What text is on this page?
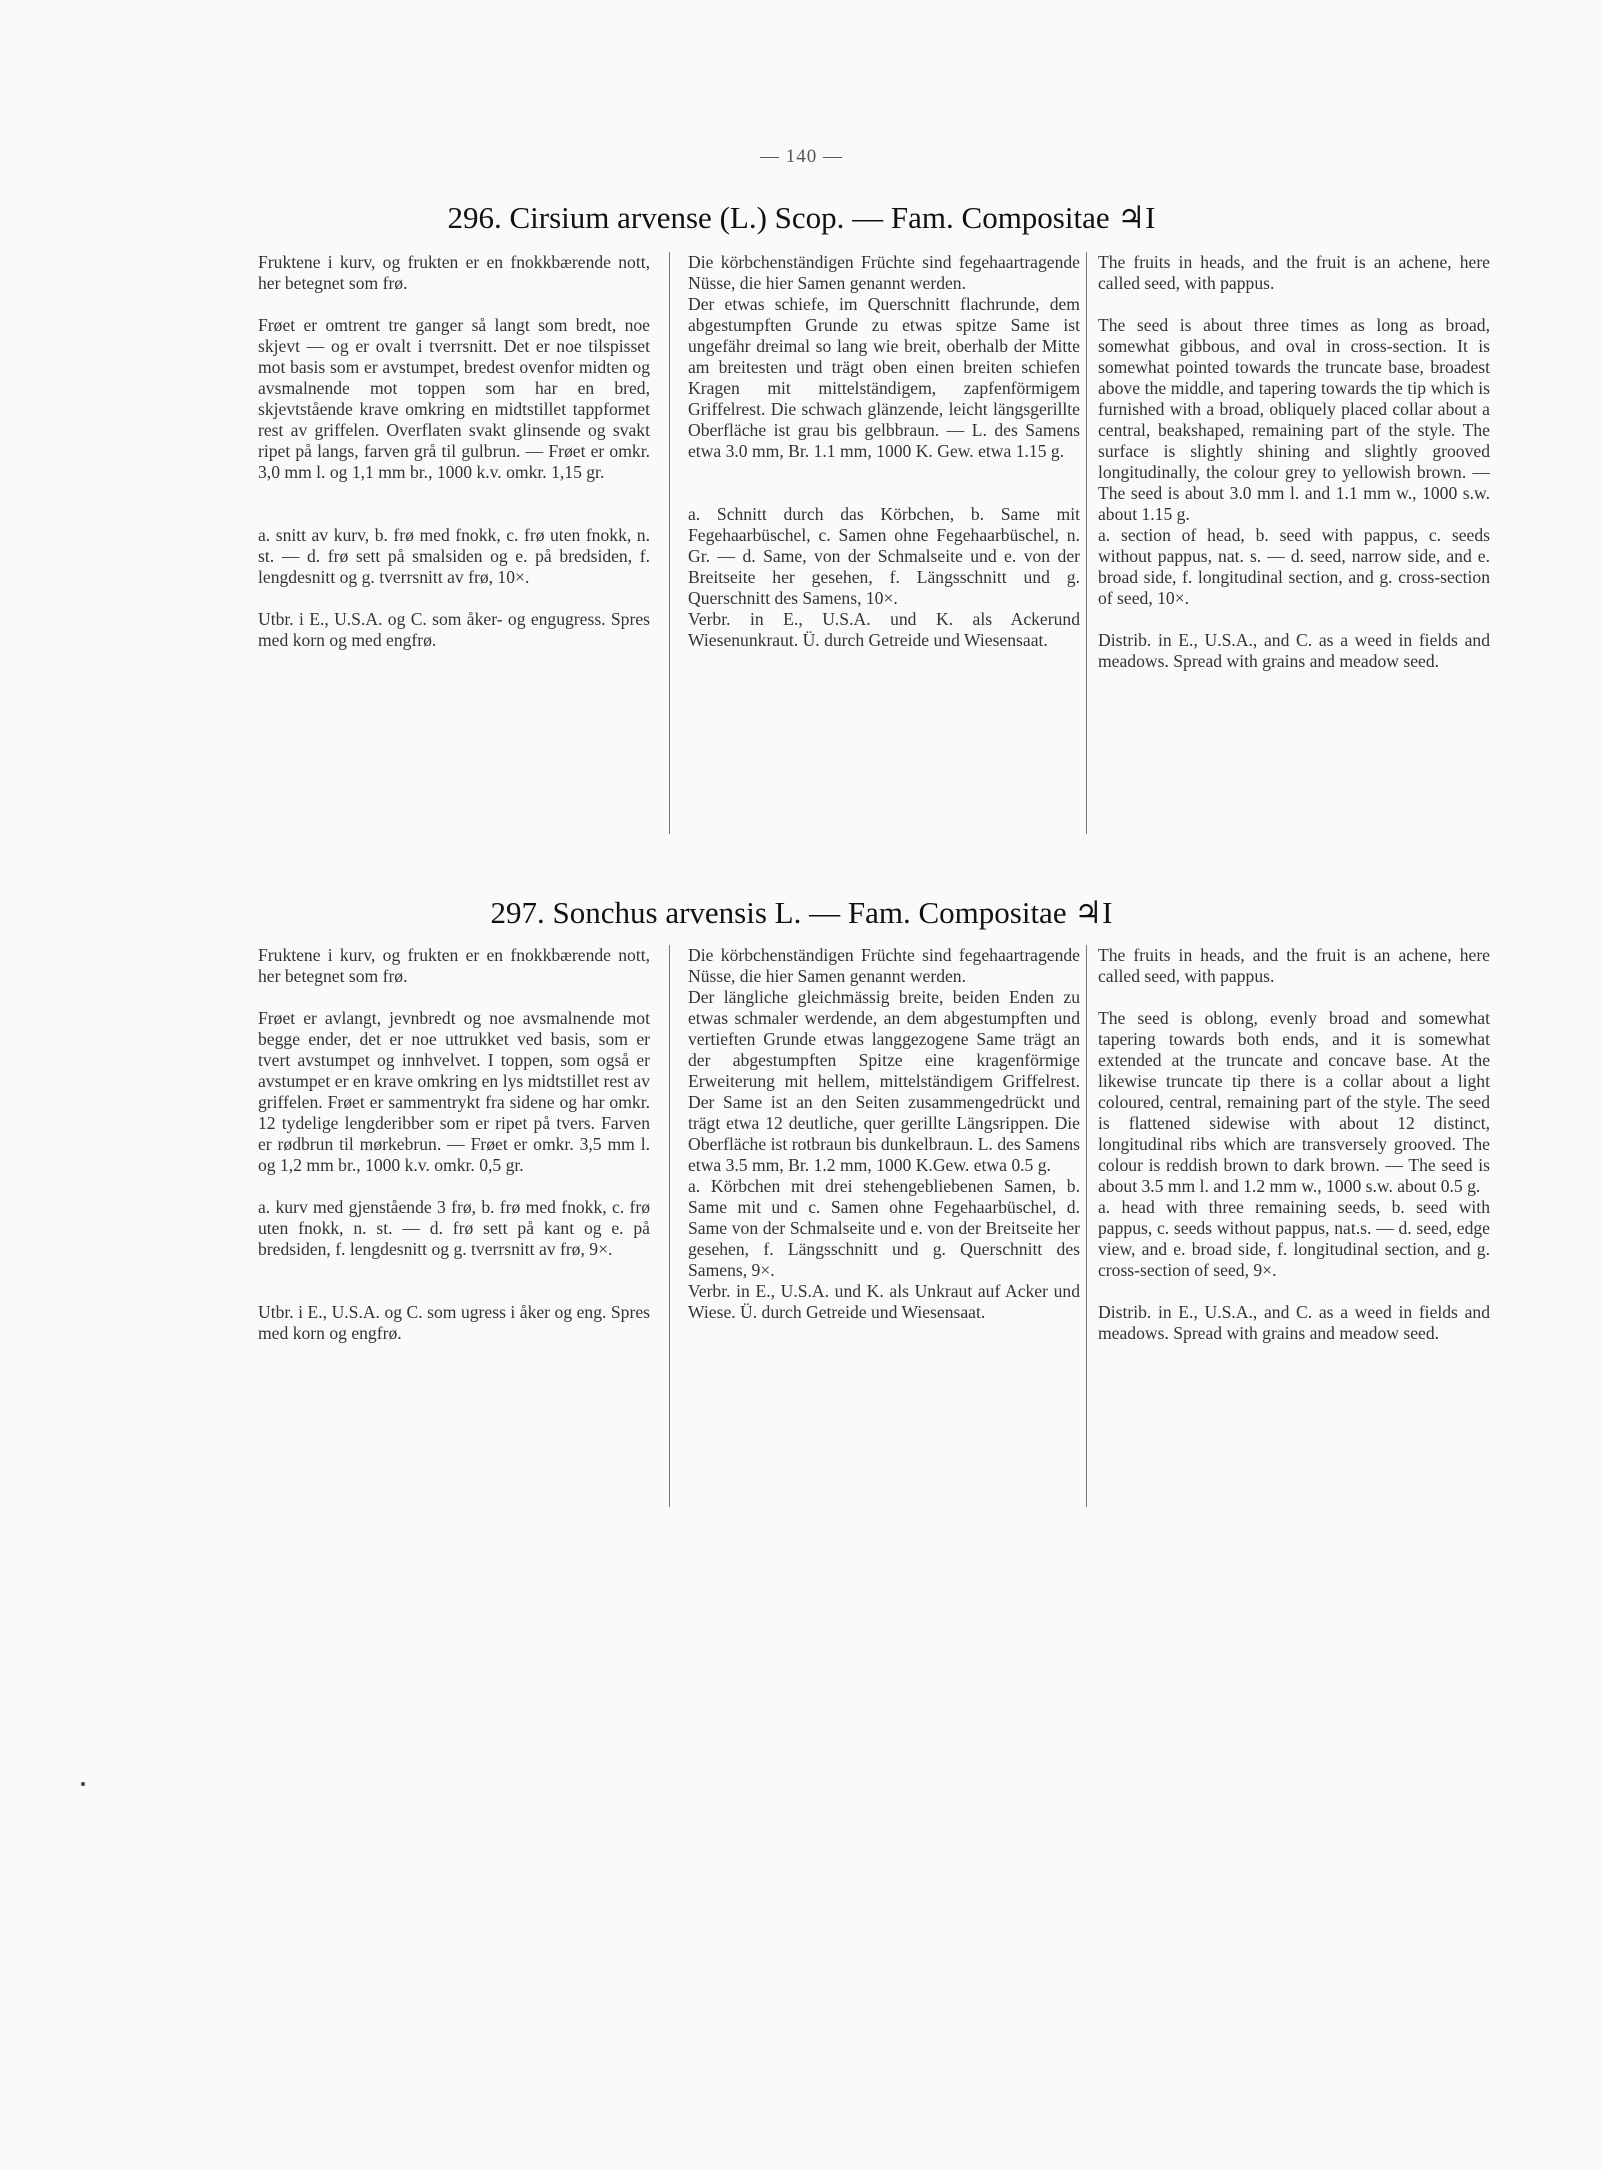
— 140 —
296. Cirsium arvense (L.) Scop. — Fam. Compositae ♃I

Fruktene i kurv, og frukten er en fnokkbærende nott, her betegnet som frø.

Frøet er omtrent tre ganger så langt som bredt, noe skjevt — og er ovalt i tverrsnitt. Det er noe tilspisset mot basis som er avstumpet, bredest ovenfor midten og avsmalnende mot toppen som har en bred, skjevtstående krave omkring en midtstillet tappformet rest av griffelen. Overflaten svakt glinsende og svakt ripet på langs, farven grå til gulbrun. — Frøet er omkr. 3,0 mm l. og 1,1 mm br., 1000 k.v. omkr. 1,15 gr.

a. snitt av kurv, b. frø med fnokk, c. frø uten fnokk, n. st. — d. frø sett på smalsiden og e. på bredsiden, f. lengdesnitt og g. tverrsnitt av frø, 10×.

Utbr. i E., U.S.A. og C. som åker- og engugress. Spres med korn og med engfrø.

Die körbchenständigen Früchte sind fegehaartragende Nüsse, die hier Samen genannt werden.

Der etwas schiefe, im Querschnitt flachrunde, dem abgestumpften Grunde zu etwas spitze Same ist ungefähr dreimal so lang wie breit, oberhalb der Mitte am breitesten und trägt oben einen breiten schiefen Kragen mit mittelständigem, zapfenförmigem Griffelrest. Die schwach glänzende, leicht längsgerillte Oberfläche ist grau bis gelbbraun. — L. des Samens etwa 3.0 mm, Br. 1.1 mm, 1000 K. Gew. etwa 1.15 g.

a. Schnitt durch das Körbchen, b. Same mit Fegehaarbüschel, c. Samen ohne Fegehaarbüschel, n. Gr. — d. Same, von der Schmalseite und e. von der Breitseite her gesehen, f. Längsschnitt und g. Querschnitt des Samens, 10×.

Verbr. in E., U.S.A. und K. als Ackerund Wiesenunkraut. Ü. durch Getreide und Wiesensaat.

The fruits in heads, and the fruit is an achene, here called seed, with pappus.

The seed is about three times as long as broad, somewhat gibbous, and oval in cross-section. It is somewhat pointed towards the truncate base, broadest above the middle, and tapering towards the tip which is furnished with a broad, obliquely placed collar about a central, beakshaped, remaining part of the style. The surface is slightly shining and slightly grooved longitudinally, the colour grey to yellowish brown. — The seed is about 3.0 mm l. and 1.1 mm w., 1000 s.w. about 1.15 g.

a. section of head, b. seed with pappus, c. seeds without pappus, nat. s. — d. seed, narrow side, and e. broad side, f. longitudinal section, and g. cross-section of seed, 10×.

Distrib. in E., U.S.A., and C. as a weed in fields and meadows. Spread with grains and meadow seed.

297. Sonchus arvensis L. — Fam. Compositae ♃I

Fruktene i kurv, og frukten er en fnokkbærende nott, her betegnet som frø.

Frøet er avlangt, jevnbredt og noe avsmalnende mot begge ender, det er noe uttrukket ved basis, som er tvert avstumpet og innhvelvet. I toppen, som også er avstumpet er en krave omkring en lys midtstillet rest av griffelen. Frøet er sammentrykt fra sidene og har omkr. 12 tydelige lengderibber som er ripet på tvers. Farven er rødbrun til mørkebrun. — Frøet er omkr. 3,5 mm l. og 1,2 mm br., 1000 k.v. omkr. 0,5 gr.

a. kurv med gjenstående 3 frø, b. frø med fnokk, c. frø uten fnokk, n. st. — d. frø sett på kant og e. på bredsiden, f. lengdesnitt og g. tverrsnitt av frø, 9×.

Utbr. i E., U.S.A. og C. som ugress i åker og eng. Spres med korn og engfrø.

Die körbchenständigen Früchte sind fegehaartragende Nüsse, die hier Samen genannt werden.

Der längliche gleichmässig breite, beiden Enden zu etwas schmaler werdende, an dem abgestumpften und vertieften Grunde etwas langgezogene Same trägt an der abgestumpften Spitze eine kragenförmige Erweiterung mit hellem, mittelständigem Griffelrest. Der Same ist an den Seiten zusammengedrückt und trägt etwa 12 deutliche, quer gerillte Längsrippen. Die Oberfläche ist rotbraun bis dunkelbraun. L. des Samens etwa 3.5 mm, Br. 1.2 mm, 1000 K.Gew. etwa 0.5 g.

a. Körbchen mit drei stehengebliebenen Samen, b. Same mit und c. Samen ohne Fegehaarbüschel, d. Same von der Schmalseite und e. von der Breitseite her gesehen, f. Längsschnitt und g. Querschnitt des Samens, 9×.

Verbr. in E., U.S.A. und K. als Unkraut auf Acker und Wiese. Ü. durch Getreide und Wiesensaat.

The fruits in heads, and the fruit is an achene, here called seed, with pappus.

The seed is oblong, evenly broad and somewhat tapering towards both ends, and it is somewhat extended at the truncate and concave base. At the likewise truncate tip there is a collar about a light coloured, central, remaining part of the style. The seed is flattened sidewise with about 12 distinct, longitudinal ribs which are transversely grooved. The colour is reddish brown to dark brown. — The seed is about 3.5 mm l. and 1.2 mm w., 1000 s.w. about 0.5 g.

a. head with three remaining seeds, b. seed with pappus, c. seeds without pappus, nat.s. — d. seed, edge view, and e. broad side, f. longitudinal section, and g. cross-section of seed, 9×.

Distrib. in E., U.S.A., and C. as a weed in fields and meadows. Spread with grains and meadow seed.
